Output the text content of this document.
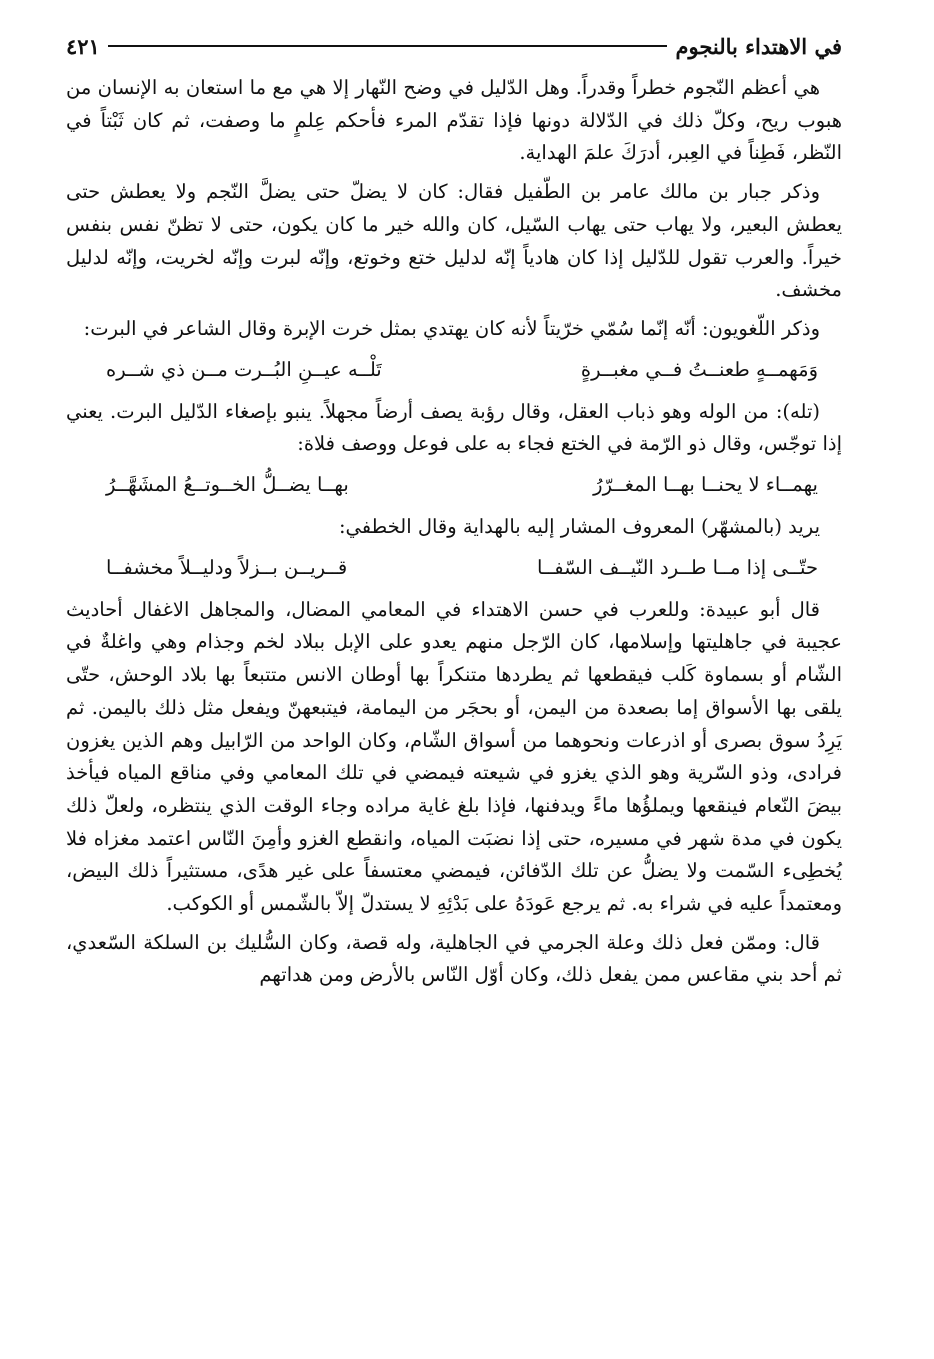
في الاهتداء بالنجوم
٤٢١

هي أعظم النّجوم خطراً وقدراً. وهل الدّليل في وضح النّهار إلا هي مع ما استعان به الإنسان من هبوب ريح، وكلّ ذلك في الدّلالة دونها فإذا تقدّم المرء فأحكم عِلمٍ ما وصفت، ثم كان ثَبْتاً في النّظر، فَطِناً في العِبر، أدرَكَ علمَ الهداية.

وذكر جبار بن مالك عامر بن الطّفيل فقال: كان لا يضلّ حتى يضلَّ النّجم ولا يعطش حتى يعطش البعير، ولا يهاب حتى يهاب السّيل، كان والله خير ما كان يكون، حتى لا تظنّ نفس بنفس خيراً. والعرب تقول للدّليل إذا كان هادياً إنّه لدليل ختع وخوتع، وإنّه لبرت وإنّه لخريت، وإنّه لدليل مخشف.

وذكر اللّغويون: أنّه إنّما سُمّي خرّيتاً لأنه كان يهتدي بمثل خرت الإبرة وقال الشاعر في البرت:

وَمَهمــهٍ طعنــتُ فــي مغبــرةٍ
تَلْــه عيــنِ البُــرت مــن ذي شــره

(تله): من الوله وهو ذباب العقل، وقال رؤبة يصف أرضاً مجهلاً. ينبو بإصغاء الدّليل البرت. يعني إذا توجّس، وقال ذو الرّمة في الختع فجاء به على فوعل ووصف فلاة:

يهمــاء لا يحنــا بهــا المغــرّرُ
بهــا يضــلُّ الخــوتــعُ المشَهَّــرُ

يريد (بالمشهّر) المعروف المشار إليه بالهداية وقال الخطفي:

حتّــى إذا مــا طــرد النّيــف السّفــا
قــريــن بــزلاً ودليــلاً مخشفــا

قال أبو عبيدة: وللعرب في حسن الاهتداء في المعامي المضال، والمجاهل الاغفال أحاديث عجيبة في جاهليتها وإسلامها، كان الرّجل منهم يعدو على الإبل ببلاد لخم وجذام وهي واغلةٌ في الشّام أو بسماوة كَلب فيقطعها ثم يطردها متنكراً بها أوطان الانس متتبعاً بها بلاد الوحش، حتّى يلقى بها الأسواق إما بصعدة من اليمن، أو بحجَر من اليمامة، فيتبعهنّ ويفعل مثل ذلك باليمن. ثم يَرِدُ سوق بصرى أو اذرعات ونحوهما من أسواق الشّام، وكان الواحد من الرّابيل وهم الذين يغزون فرادى، وذو السّرية وهو الذي يغزو في شيعته فيمضي في تلك المعامي وفي مناقع المياه فيأخذ بيضَ النّعام فينقعها ويملؤُها ماءً ويدفنها، فإذا بلغ غاية مراده وجاء الوقت الذي ينتظره، ولعلّ ذلك يكون في مدة شهر في مسيره، حتى إذا نضبَت المياه، وانقطع الغزو وأمِنَ النّاس اعتمد مغزاه فلا يُخطِىء السّمت ولا يضلُّ عن تلك الدّفائن، فيمضي معتسفاً على غير هدًى، مستثيراً ذلك البيض، ومعتمداً عليه في شراء به. ثم يرجع عَودَهُ على بَدْئِهِ لا يستدلّ إلاّ بالشّمس أو الكوكب.

قال: وممّن فعل ذلك وعلة الجرمي في الجاهلية، وله قصة، وكان السُّليك بن السلكة السّعدي، ثم أحد بني مقاعس ممن يفعل ذلك، وكان أوّل النّاس بالأرض ومن هداتهم
